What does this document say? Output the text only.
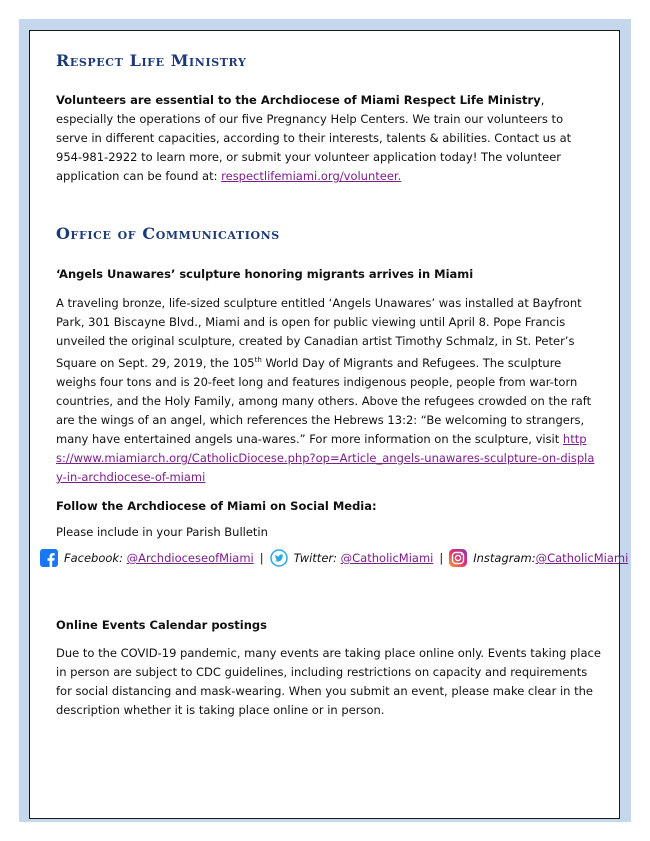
Respect Life Ministry

Volunteers are essential to the Archdiocese of Miami Respect Life Ministry, especially the operations of our five Pregnancy Help Centers. We train our volunteers to serve in different capacities, according to their interests, talents & abilities. Contact us at 954-981-2922 to learn more, or submit your volunteer application today! The volunteer application can be found at: respectlifemiami.org/volunteer.

Office of Communications

‘Angels Unawares’ sculpture honoring migrants arrives in Miami

A traveling bronze, life-sized sculpture entitled ‘Angels Unawares’ was installed at Bayfront Park, 301 Biscayne Blvd., Miami and is open for public viewing until April 8. Pope Francis unveiled the original sculpture, created by Canadian artist Timothy Schmalz, in St. Peter’s Square on Sept. 29, 2019, the 105th World Day of Migrants and Refugees. The sculpture weighs four tons and is 20-feet long and features indigenous people, people from war-torn countries, and the Holy Family, among many others. Above the refugees crowded on the raft are the wings of an angel, which references the Hebrews 13:2: “Be welcoming to strangers, many have entertained angels una-wares.” For more information on the sculpture, visit https://www.miamiarch.org/CatholicDiocese.php?op=Article_angels-unawares-sculpture-on-display-in-archdiocese-of-miami

Follow the Archdiocese of Miami on Social Media:

Please include in your Parish Bulletin

Facebook:
@ArchdioceseofMiami |	Twitter:
@CatholicMiami |	Instagram: @CatholicMiami

Online Events Calendar postings

Due to the COVID-19 pandemic, many events are taking place online only. Events taking place in person are subject to CDC guidelines, including restrictions on capacity and requirements for social distancing and mask-wearing. When you submit an event, please make clear in the description whether it is taking place online or in person.
